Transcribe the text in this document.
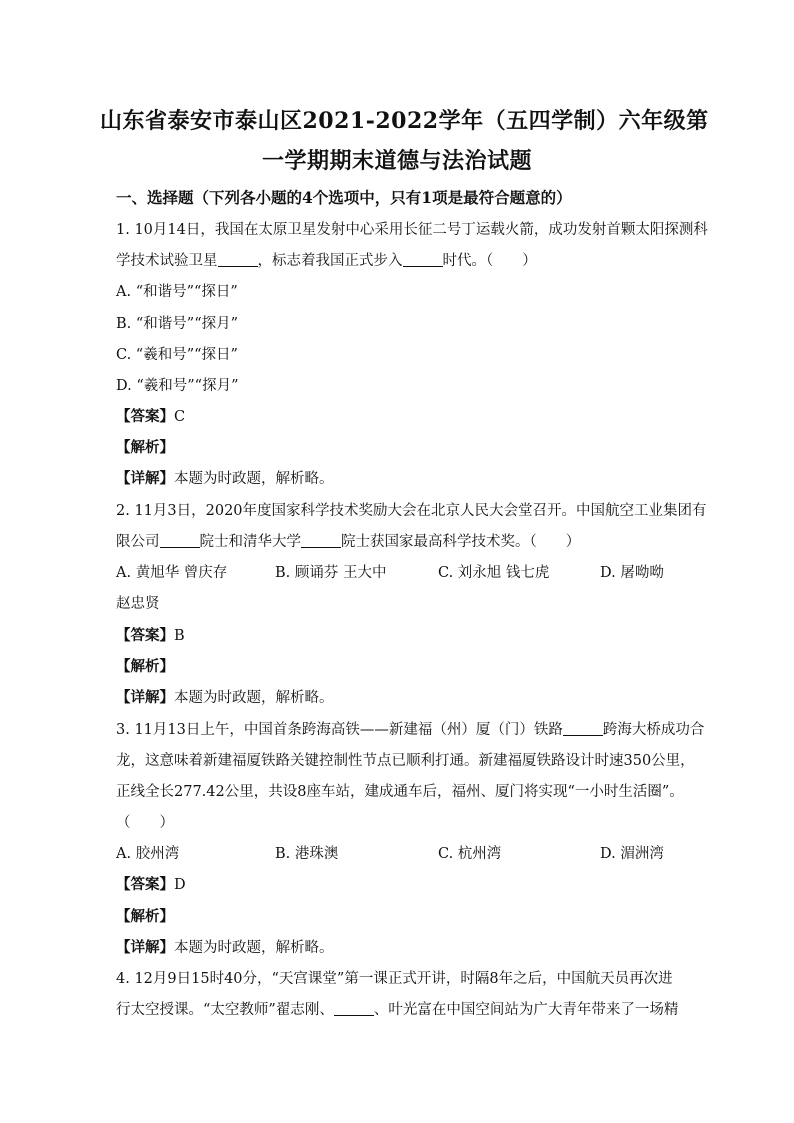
山东省泰安市泰山区2021-2022学年（五四学制）六年级第
一学期期末道德与法治试题
一、选择题（下列各小题的4个选项中，只有1项是最符合题意的）
1. 10月14日，我国在太原卫星发射中心采用长征二号丁运载火箭，成功发射首颗太阳探测科
学技术试验卫星	，标志着我国正式步入	时代。（　　）
A. “和谐号”“探日”
B. “和谐号”“探月”
C. “羲和号”“探日”
D. “羲和号”“探月”
【答案】C
【解析】
【详解】本题为时政题，解析略。
2. 11月3日，2020年度国家科学技术奖励大会在北京人民大会堂召开。中国航空工业集团有
限公司	院士和清华大学	院士获国家最高科学技术奖。（　　）
A. 黄旭华 曾庆存	B. 顾诵芬 王大中	C. 刘永旭 钱七虎	D. 屠呦呦
赵忠贤
【答案】B
【解析】
【详解】本题为时政题，解析略。
3. 11月13日上午，中国首条跨海高铁——新建福（州）厦（门）铁路	跨海大桥成功合
龙，这意味着新建福厦铁路关键控制性节点已顺利打通。新建福厦铁路设计时速350公里，
正线全长277.42公里，共设8座车站，建成通车后，福州、厦门将实现“一小时生活圈”。
（　　）
A. 胶州湾	B. 港珠澳	C. 杭州湾	D. 湄洲湾
【答案】D
【解析】
【详解】本题为时政题，解析略。
4. 12月9日15时40分，“天宫课堂”第一课正式开讲，时隔8年之后，中国航天员再次进
行太空授课。“太空教师”翟志刚、	、叶光富在中国空间站为广大青年带来了一场精
